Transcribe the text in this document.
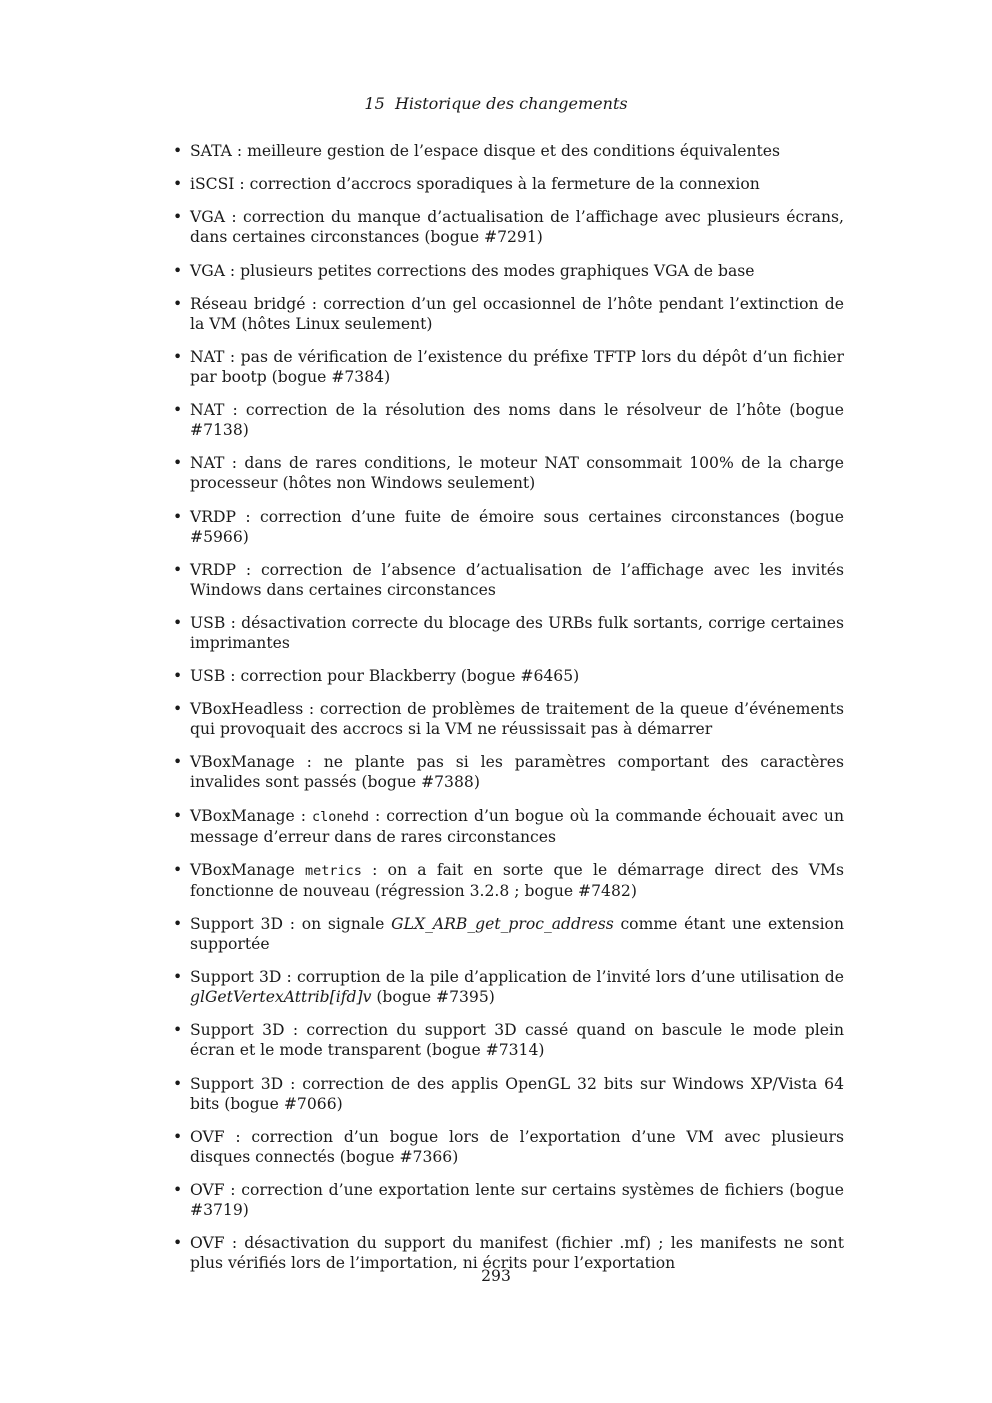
15 Historique des changements
• SATA : meilleure gestion de l’espace disque et des conditions équivalentes
• iSCSI : correction d’accrocs sporadiques à la fermeture de la connexion
• VGA : correction du manque d’actualisation de l’affichage avec plusieurs écrans, dans certaines circonstances (bogue #7291)
• VGA : plusieurs petites corrections des modes graphiques VGA de base
• Réseau bridgé : correction d’un gel occasionnel de l’hôte pendant l’extinction de la VM (hôtes Linux seulement)
• NAT : pas de vérification de l’existence du préfixe TFTP lors du dépôt d’un fichier par bootp (bogue #7384)
• NAT : correction de la résolution des noms dans le résolveur de l’hôte (bogue #7138)
• NAT : dans de rares conditions, le moteur NAT consommait 100% de la charge processeur (hôtes non Windows seulement)
• VRDP : correction d’une fuite de émoire sous certaines circonstances (bogue #5966)
• VRDP : correction de l’absence d’actualisation de l’affichage avec les invités Windows dans certaines circonstances
• USB : désactivation correcte du blocage des URBs fulk sortants, corrige certaines imprimantes
• USB : correction pour Blackberry (bogue #6465)
• VBoxHeadless : correction de problèmes de traitement de la queue d’événements qui provoquait des accrocs si la VM ne réussissait pas à démarrer
• VBoxManage : ne plante pas si les paramètres comportant des caractères invalides sont passés (bogue #7388)
• VBoxManage : clonehd : correction d’un bogue où la commande échouait avec un message d’erreur dans de rares circonstances
• VBoxManage metrics : on a fait en sorte que le démarrage direct des VMs fonctionne de nouveau (régression 3.2.8 ; bogue #7482)
• Support 3D : on signale GLX_ARB_get_proc_address comme étant une extension supportée
• Support 3D : corruption de la pile d’application de l’invité lors d’une utilisation de glGetVertexAttrib[ifd]v (bogue #7395)
• Support 3D : correction du support 3D cassé quand on bascule le mode plein écran et le mode transparent (bogue #7314)
• Support 3D : correction de des applis OpenGL 32 bits sur Windows XP/Vista 64 bits (bogue #7066)
• OVF : correction d’un bogue lors de l’exportation d’une VM avec plusieurs disques connectés (bogue #7366)
• OVF : correction d’une exportation lente sur certains systèmes de fichiers (bogue #3719)
• OVF : désactivation du support du manifest (fichier .mf) ; les manifests ne sont plus vérifiés lors de l’importation, ni écrits pour l’exportation
293
